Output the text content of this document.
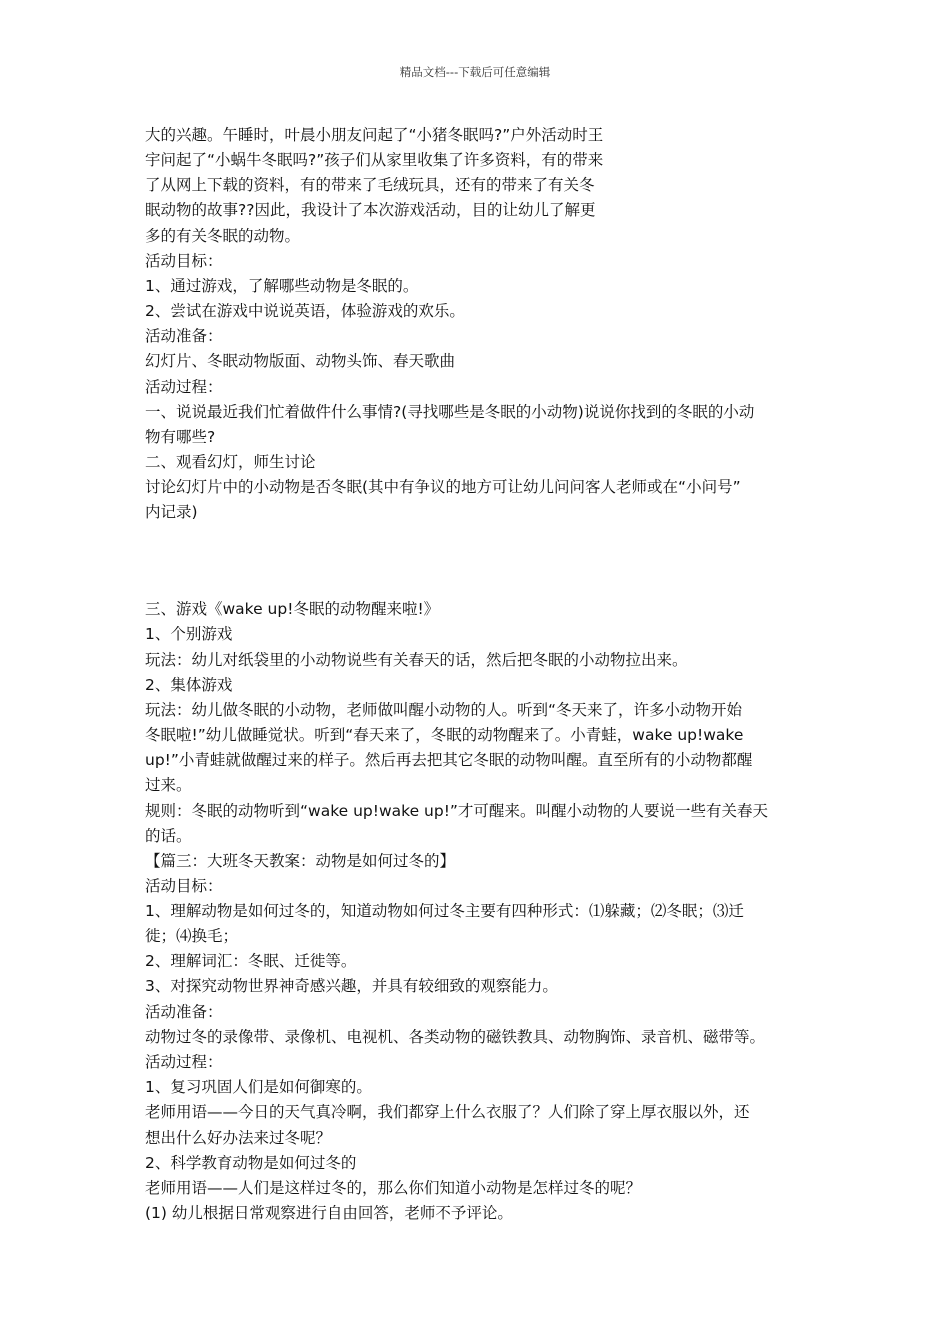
精品文档---下载后可任意编辑
大的兴趣。午睡时，叶晨小朋友问起了“小猪冬眠吗?”户外活动时王
宇问起了“小蜗牛冬眠吗?”孩子们从家里收集了许多资料，有的带来
了从网上下载的资料，有的带来了毛绒玩具，还有的带来了有关冬
眠动物的故事??因此，我设计了本次游戏活动，目的让幼儿了解更
多的有关冬眠的动物。
活动目标：
1、通过游戏，了解哪些动物是冬眠的。
2、尝试在游戏中说说英语，体验游戏的欢乐。
活动准备：
幻灯片、冬眠动物版面、动物头饰、春天歌曲
活动过程：
一、说说最近我们忙着做件什么事情?(寻找哪些是冬眠的小动物)说说你找到的冬眠的小动
物有哪些?
二、观看幻灯，师生讨论
讨论幻灯片中的小动物是否冬眠(其中有争议的地方可让幼儿问问客人老师或在“小问号”
内记录)
三、游戏《wake up!冬眠的动物醒来啦!》
1、个别游戏
玩法：幼儿对纸袋里的小动物说些有关春天的话，然后把冬眠的小动物拉出来。
2、集体游戏
玩法：幼儿做冬眠的小动物，老师做叫醒小动物的人。听到“冬天来了，许多小动物开始
冬眠啦!”幼儿做睡觉状。听到“春天来了，冬眠的动物醒来了。小青蛙，wake up!wake
up!”小青蛙就做醒过来的样子。然后再去把其它冬眠的动物叫醒。直至所有的小动物都醒
过来。
规则：冬眠的动物听到“wake up!wake up!”才可醒来。叫醒小动物的人要说一些有关春天
的话。
【篇三：大班冬天教案：动物是如何过冬的】
活动目标：
1、理解动物是如何过冬的，知道动物如何过冬主要有四种形式：⑴躲藏；⑵冬眠；⑶迁
徙；⑷换毛；
2、理解词汇：冬眠、迁徙等。
3、对探究动物世界神奇感兴趣，并具有较细致的观察能力。
活动准备：
动物过冬的录像带、录像机、电视机、各类动物的磁铁教具、动物胸饰、录音机、磁带等。
活动过程：
1、复习巩固人们是如何御寒的。
老师用语——今日的天气真冷啊，我们都穿上什么衣服了？人们除了穿上厚衣服以外，还
想出什么好办法来过冬呢？
2、科学教育动物是如何过冬的
老师用语——人们是这样过冬的，那么你们知道小动物是怎样过冬的呢？
(1) 幼儿根据日常观察进行自由回答，老师不予评论。
